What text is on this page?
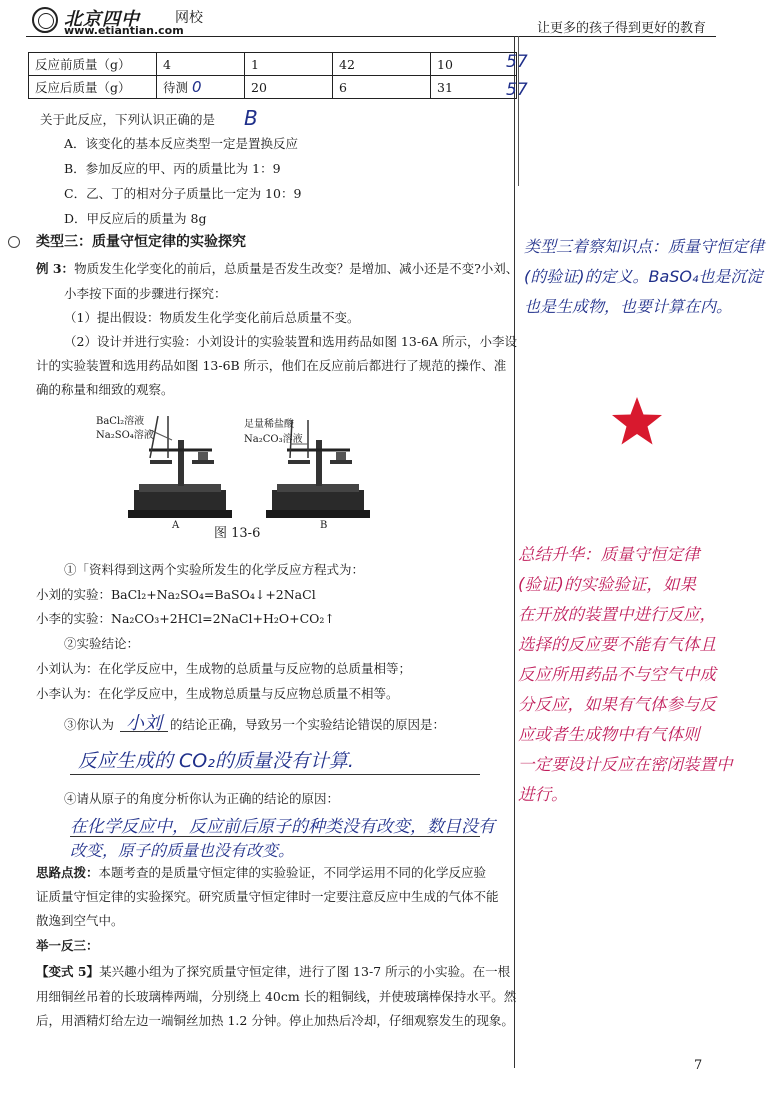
北京四中	网校
www.etiantian.com	让更多的孩子得到更好的教育
反应前质量（g）	4	1	42	10
反应后质量（g）	待测 0	20	6	31
57
57
关于此反应，下列认识正确的是 B
A．该变化的基本反应类型一定是置换反应
B．参加反应的甲、丙的质量比为 1：9
C．乙、丁的相对分子质量比一定为 10：9
D．甲反应后的质量为 8g
类型三：质量守恒定律的实验探究
例 3：物质发生化学变化的前后，总质量是否发生改变？是增加、减小还是不变?小刘、
小李按下面的步骤进行探究：
（1）提出假设：物质发生化学变化前后总质量不变。
（2）设计并进行实验：小刘设计的实验装置和选用药品如图 13-6A 所示，小李设
计的实验装置和选用药品如图 13-6B 所示，他们在反应前后都进行了规范的操作、准
确的称量和细致的观察。
BaCl₂溶液
Na₂SO₄溶液
足量稀盐酸
Na₂CO₃溶液
A	B
图 13-6
①「资料得到这两个实验所发生的化学反应方程式为：
小刘的实验：BaCl₂+Na₂SO₄=BaSO₄↓+2NaCl
小李的实验：Na₂CO₃+2HCl=2NaCl+H₂O+CO₂↑
②实验结论：
小刘认为：在化学反应中，生成物的总质量与反应物的总质量相等；
小李认为：在化学反应中，生成物总质量与反应物总质量不相等。
③你认为 小刘 的结论正确，导致另一个实验结论错误的原因是：
反应生成的 CO₂的质量没有计算.
④请从原子的角度分析你认为正确的结论的原因：
在化学反应中，反应前后原子的种类没有改变，数目没有
改变，原子的质量也没有改变。
思路点拨：本题考查的是质量守恒定律的实验验证，不同学运用不同的化学反应验
证质量守恒定律的实验探究。研究质量守恒定律时一定要注意反应中生成的气体不能
散逸到空气中。
举一反三：
【变式 5】某兴趣小组为了探究质量守恒定律，进行了图 13-7 所示的小实验。在一根
用细铜丝吊着的长玻璃棒两端，分别绕上 40cm 长的粗铜线，并使玻璃棒保持水平。然
后，用酒精灯给左边一端铜丝加热 1.2 分钟。停止加热后冷却，仔细观察发生的现象。
类型三着察知识点：质量守恒定律
(的验证)的定义。BaSO₄也是沉淀
也是生成物，也要计算在内。
总结升华：质量守恒定律
(验证)的实验验证，如果
在开放的装置中进行反应，
选择的反应要不能有气体且
反应所用药品不与空气中成
分反应，如果有气体参与反
应或者生成物中有气体则
一定要设计反应在密闭装置中
进行。
7
